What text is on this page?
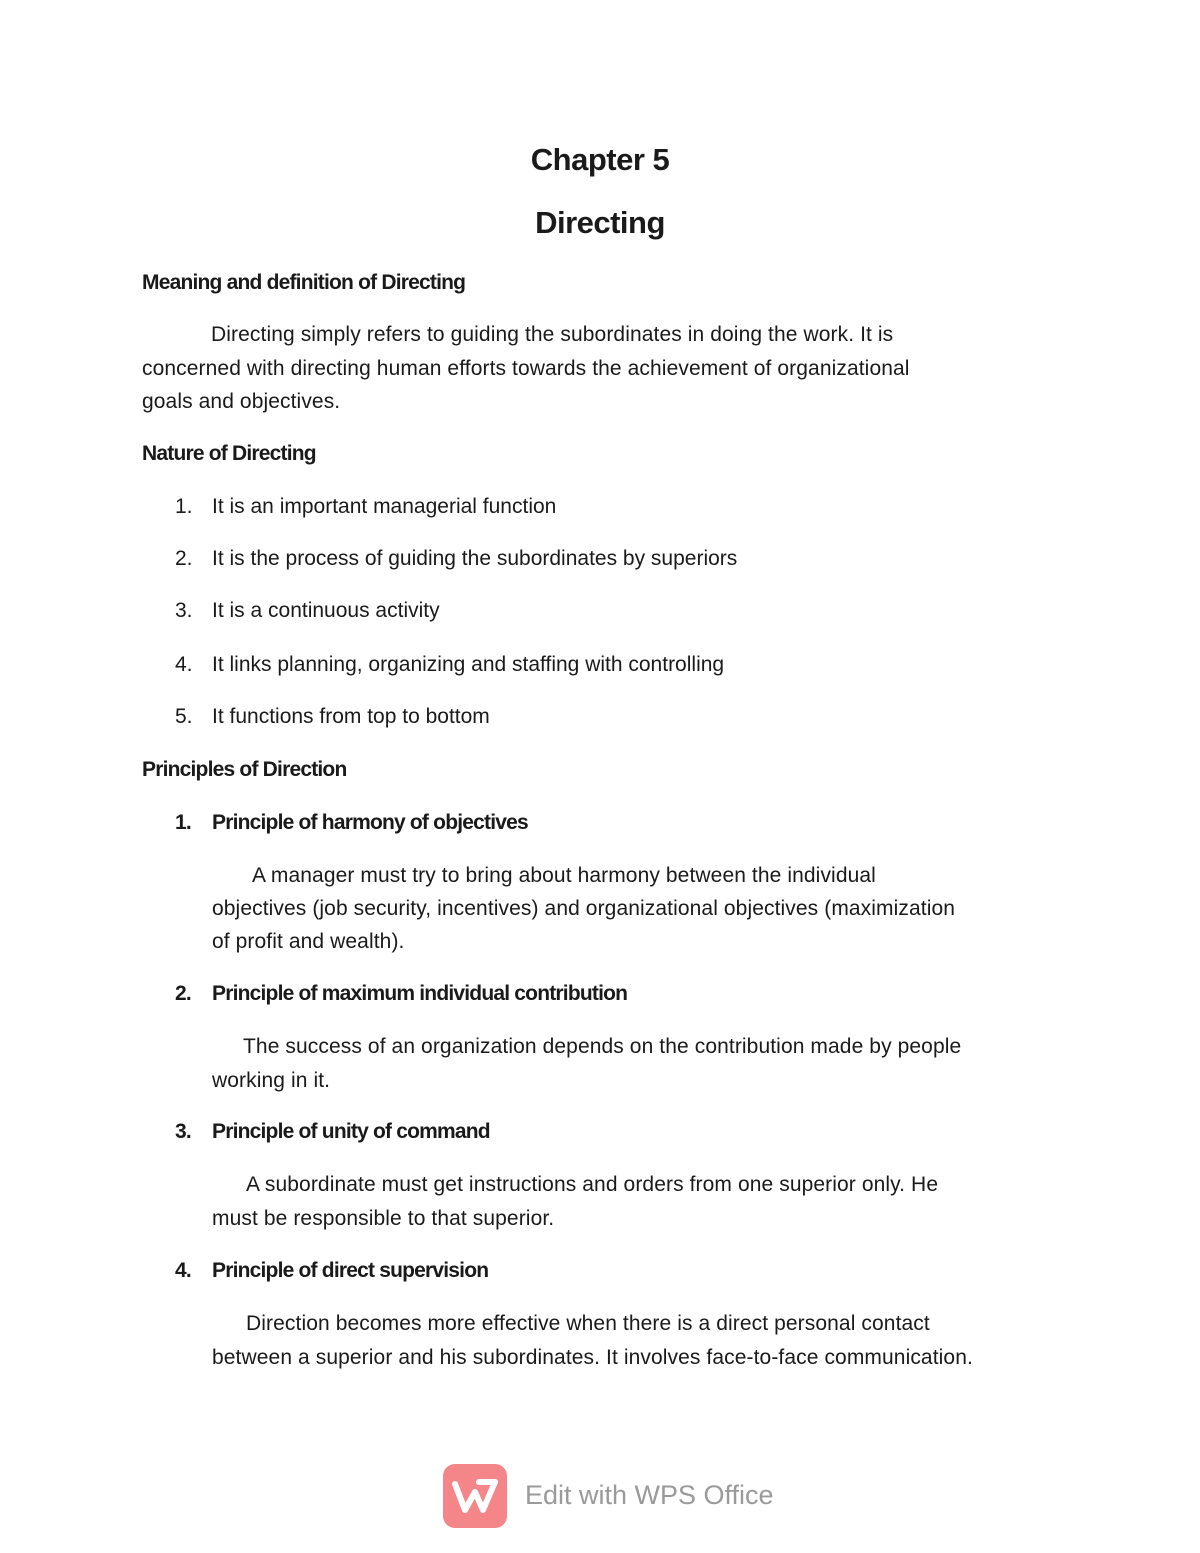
Chapter 5
Directing
Meaning and definition of Directing
Directing simply refers to guiding the subordinates in doing the work. It is
concerned with directing human efforts towards the achievement of organizational
goals and objectives.
Nature of Directing
1. It is an important managerial function
2. It is the process of guiding the subordinates by superiors
3. It is a continuous activity
4. It links planning, organizing and staffing with controlling
5. It functions from top to bottom
Principles of Direction
1. Principle of harmony of objectives
A manager must try to bring about harmony between the individual
objectives (job security, incentives) and organizational objectives (maximization
of profit and wealth).
2. Principle of maximum individual contribution
The success of an organization depends on the contribution made by people
working in it.
3. Principle of unity of command
A subordinate must get instructions and orders from one superior only. He
must be responsible to that superior.
4. Principle of direct supervision
Direction becomes more effective when there is a direct personal contact
between a superior and his subordinates. It involves face-to-face communication.
Edit with WPS Office
